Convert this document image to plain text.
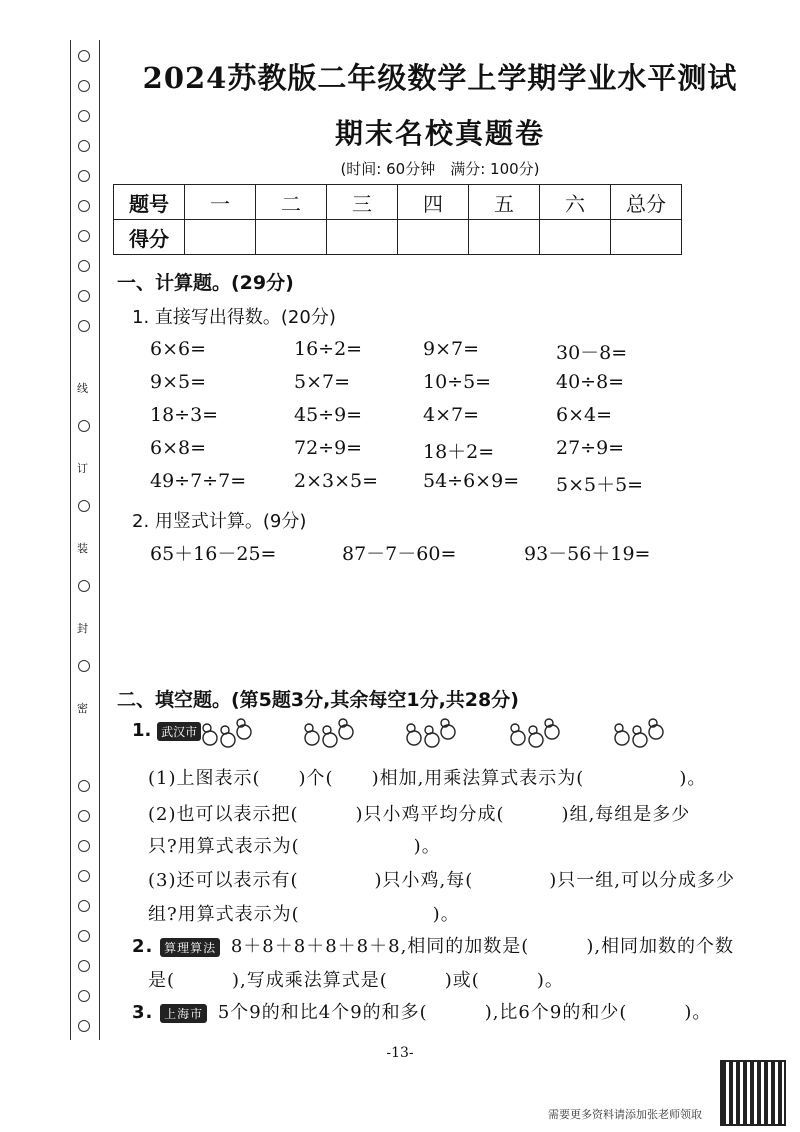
线
订
装
封
密
2024苏教版二年级数学上学期学业水平测试
期末名校真题卷
(时间: 60分钟　满分: 100分)
题号	一	二	三	四	五	六	总分
得分							
一、计算题。(29分)
1. 直接写出得数。(20分)
6×6=	16÷2=	9×7=	30－8=
9×5=	5×7=	10÷5=	40÷8=
18÷3=	45÷9=	4×7=	6×4=
6×8=	72÷9=	18＋2=	27÷9=
49÷7÷7=	2×3×5= 54÷6×9= 5×5＋5=
2. 用竖式计算。(9分)
65＋16－25=	87－7－60=	93－56＋19=
二、填空题。(第5题3分,其余每空1分,共28分)
1. 武汉市
(1)上图表示(　　)个(　　)相加,用乘法算式表示为(　　　　　)。
(2)也可以表示把(　　　)只小鸡平均分成(　　　)组,每组是多少
只?用算式表示为(　　　　　　)。
(3)还可以表示有(　　　　)只小鸡,每(　　　　)只一组,可以分成多少
组?用算式表示为(　　　　　　　)。
2. 算理算法 8＋8＋8＋8＋8＋8,相同的加数是(　　　),相同加数的个数
是(　　　),写成乘法算式是(　　　)或(　　　)。
3. 上海市 5个9的和比4个9的和多(　　　),比6个9的和少(　　　)。
-13-
需要更多资料请添加张老师领取
